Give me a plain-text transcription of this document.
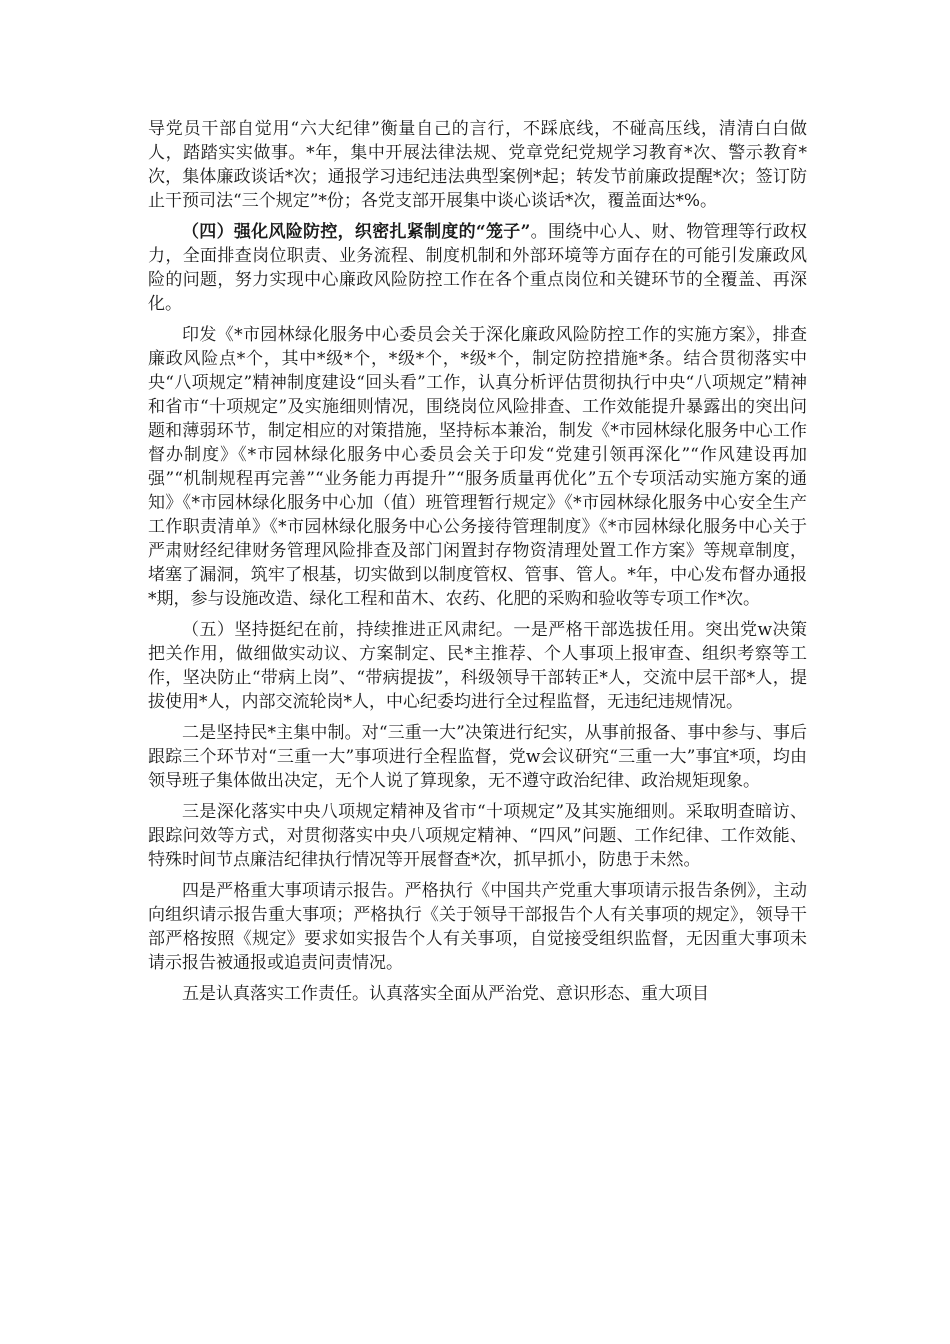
导党员干部自觉用“六大纪律”衡量自己的言行，不踩底线，不碰高压线，清清白白做人，踏踏实实做事。*年，集中开展法律法规、党章党纪党规学习教育*次、警示教育*次，集体廉政谈话*次；通报学习违纪违法典型案例*起；转发节前廉政提醒*次；签订防止干预司法“三个规定”*份；各党支部开展集中谈心谈话*次，覆盖面达*%。

（四）强化风险防控，织密扎紧制度的“笼子”。围绕中心人、财、物管理等行政权力，全面排查岗位职责、业务流程、制度机制和外部环境等方面存在的可能引发廉政风险的问题，努力实现中心廉政风险防控工作在各个重点岗位和关键环节的全覆盖、再深化。

印发《*市园林绿化服务中心委员会关于深化廉政风险防控工作的实施方案》，排查廉政风险点*个，其中*级*个，*级*个，*级*个，制定防控措施*条。结合贯彻落实中央“八项规定”精神制度建设“回头看”工作，认真分析评估贯彻执行中央“八项规定”精神和省市“十项规定”及实施细则情况，围绕岗位风险排查、工作效能提升暴露出的突出问题和薄弱环节，制定相应的对策措施，坚持标本兼治，制发《*市园林绿化服务中心工作督办制度》《*市园林绿化服务中心委员会关于印发“党建引领再深化”“作风建设再加强”“机制规程再完善”“业务能力再提升”“服务质量再优化”五个专项活动实施方案的通知》《*市园林绿化服务中心加（值）班管理暂行规定》《*市园林绿化服务中心安全生产工作职责清单》《*市园林绿化服务中心公务接待管理制度》《*市园林绿化服务中心关于严肃财经纪律财务管理风险排查及部门闲置封存物资清理处置工作方案》等规章制度，堵塞了漏洞，筑牢了根基，切实做到以制度管权、管事、管人。*年，中心发布督办通报*期，参与设施改造、绿化工程和苗木、农药、化肥的采购和验收等专项工作*次。

（五）坚持挺纪在前，持续推进正风肃纪。一是严格干部选拔任用。突出党w决策把关作用，做细做实动议、方案制定、民*主推荐、个人事项上报审查、组织考察等工作，坚决防止“带病上岗”、“带病提拔”，科级领导干部转正*人，交流中层干部*人，提拔使用*人，内部交流轮岗*人，中心纪委均进行全过程监督，无违纪违规情况。

二是坚持民*主集中制。对“三重一大”决策进行纪实，从事前报备、事中参与、事后跟踪三个环节对“三重一大”事项进行全程监督，党w会议研究“三重一大”事宜*项，均由领导班子集体做出决定，无个人说了算现象，无不遵守政治纪律、政治规矩现象。

三是深化落实中央八项规定精神及省市“十项规定”及其实施细则。采取明查暗访、跟踪问效等方式，对贯彻落实中央八项规定精神、“四风”问题、工作纪律、工作效能、特殊时间节点廉洁纪律执行情况等开展督查*次，抓早抓小，防患于未然。

四是严格重大事项请示报告。严格执行《中国共产党重大事项请示报告条例》，主动向组织请示报告重大事项；严格执行《关于领导干部报告个人有关事项的规定》，领导干部严格按照《规定》要求如实报告个人有关事项，自觉接受组织监督，无因重大事项未请示报告被通报或追责问责情况。

五是认真落实工作责任。认真落实全面从严治党、意识形态、重大项目
